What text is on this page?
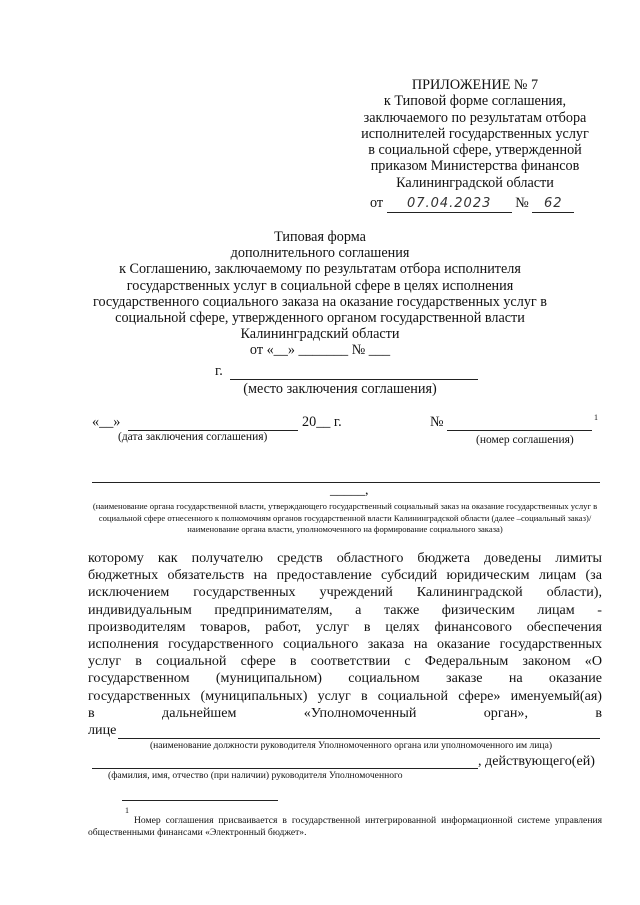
ПРИЛОЖЕНИЕ № 7
к Типовой форме соглашения,
заключаемого по результатам отбора
исполнителей государственных услуг
в социальной сфере, утвержденной
приказом Министерства финансов
Калининградской области
от 07.04.2023 № 62
Типовая форма
дополнительного соглашения
к Соглашению, заключаемому по результатам отбора исполнителя
государственных услуг в социальной сфере в целях исполнения
государственного социального заказа на оказание государственных услуг в
социальной сфере, утвержденного органом государственной власти
Калининградский области
от «__» _______ № ___
г.
(место заключения соглашения)
«__»	20__ г.	№	1
(дата заключения соглашения)	(номер соглашения)
_____,
(наименование органа государственной власти, утверждающего государственный социальный заказ на оказание государственных услуг в социальной сфере отнесенного к полномочиям органов государственной власти Калининградской области (далее –социальный заказ)/наименование органа власти, уполномоченного на формирование социального заказа)

которому как получателю средств областного бюджета доведены лимиты

бюджетных обязательств на предоставление субсидий юридическим лицам (за

исключением государственных учреждений Калининградской области),

индивидуальным предпринимателям, а также физическим лицам -

производителям товаров, работ, услуг в целях финансового обеспечения

исполнения государственного социального заказа на оказание государственных

услуг в социальной сфере в соответствии с Федеральным законом «О

государственном (муниципальном) социальном заказе на оказание

государственных (муниципальных) услуг в социальной сфере» именуемый(ая)

в дальнейшем «Уполномоченный орган», в

лице
(наименование должности руководителя Уполномоченного органа или уполномоченного им лица)
, действующего(ей)
(фамилия, имя, отчество (при наличии) руководителя Уполномоченного
1
Номер соглашения присваивается в государственной интегрированной информационной системе управления общественными финансами «Электронный бюджет».
